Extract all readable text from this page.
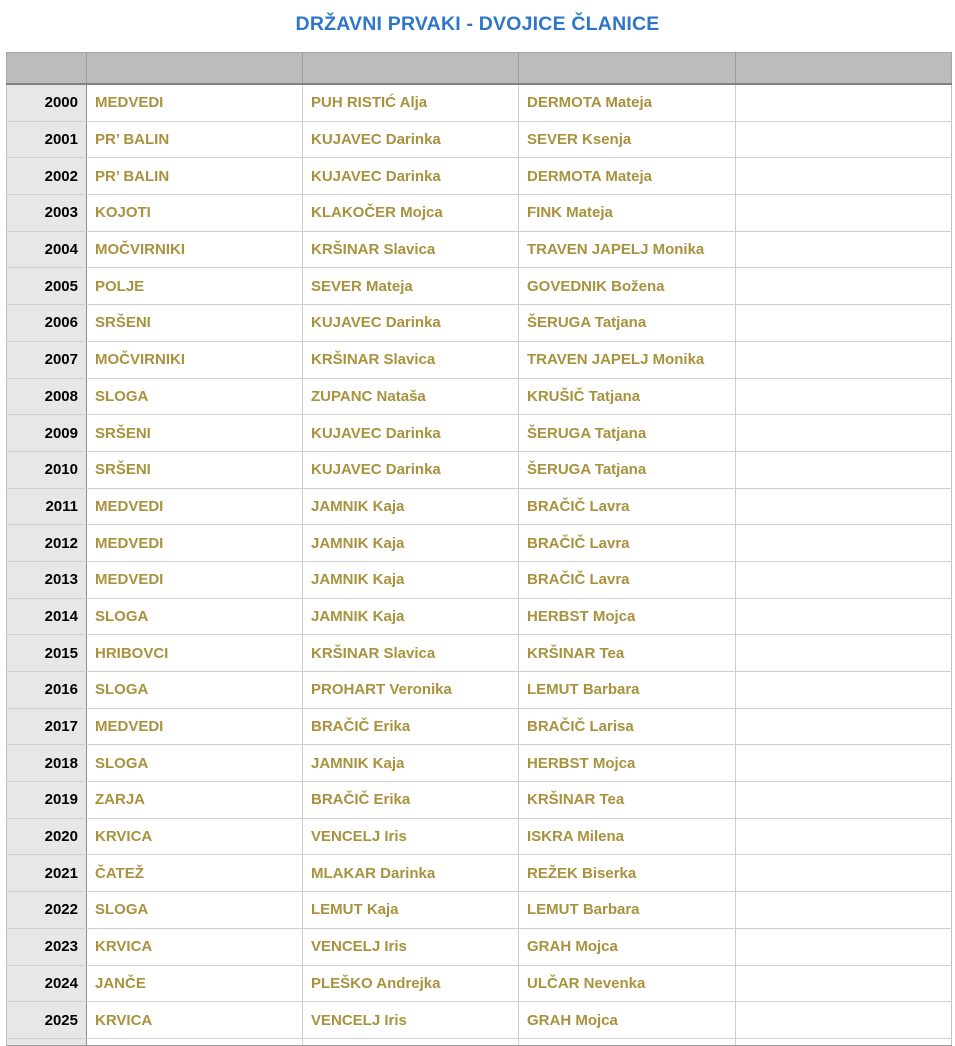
DRŽAVNI PRVAKI - DVOJICE ČLANICE

2000	MEDVEDI	PUH RISTIĆ Alja	DERMOTA Mateja	
2001	PR’ BALIN	KUJAVEC Darinka	SEVER Ksenja	
2002	PR’ BALIN	KUJAVEC Darinka	DERMOTA Mateja	
2003	KOJOTI	KLAKOČER Mojca	FINK Mateja	
2004	MOČVIRNIKI	KRŠINAR Slavica	TRAVEN JAPELJ Monika	
2005	POLJE	SEVER Mateja	GOVEDNIK Božena	
2006	SRŠENI	KUJAVEC Darinka	ŠERUGA Tatjana	
2007	MOČVIRNIKI	KRŠINAR Slavica	TRAVEN JAPELJ Monika	
2008	SLOGA	ZUPANC Nataša	KRUŠIČ Tatjana	
2009	SRŠENI	KUJAVEC Darinka	ŠERUGA Tatjana	
2010	SRŠENI	KUJAVEC Darinka	ŠERUGA Tatjana	
2011	MEDVEDI	JAMNIK Kaja	BRAČIČ Lavra	
2012	MEDVEDI	JAMNIK Kaja	BRAČIČ Lavra	
2013	MEDVEDI	JAMNIK Kaja	BRAČIČ Lavra	
2014	SLOGA	JAMNIK Kaja	HERBST Mojca	
2015	HRIBOVCI	KRŠINAR Slavica	KRŠINAR Tea	
2016	SLOGA	PROHART Veronika	LEMUT Barbara	
2017	MEDVEDI	BRAČIČ Erika	BRAČIČ Larisa	
2018	SLOGA	JAMNIK Kaja	HERBST Mojca	
2019	ZARJA	BRAČIČ Erika	KRŠINAR Tea	
2020	KRVICA	VENCELJ Iris	ISKRA Milena	
2021	ČATEŽ	MLAKAR Darinka	REŽEK Biserka	
2022	SLOGA	LEMUT Kaja	LEMUT Barbara	
2023	KRVICA	VENCELJ Iris	GRAH Mojca	
2024	JANČE	PLEŠKO Andrejka	ULČAR Nevenka	
2025	KRVICA	VENCELJ Iris	GRAH Mojca	
